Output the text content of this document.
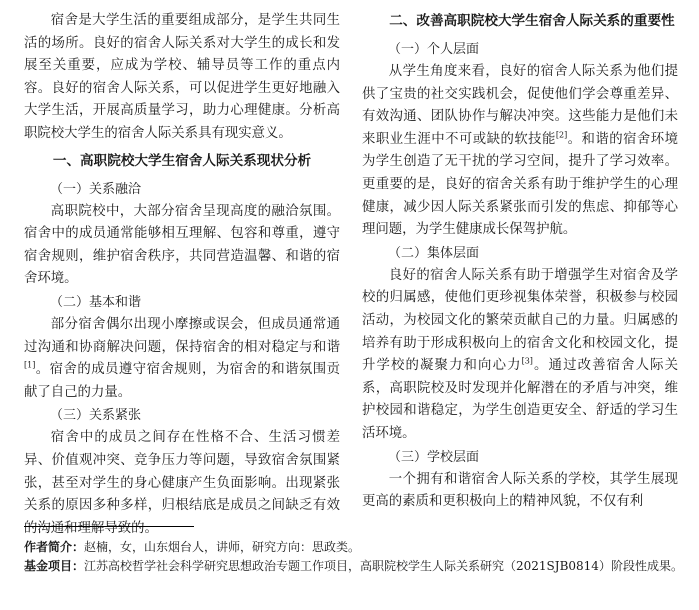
宿舍是大学生活的重要组成部分，是学生共同生活的场所。良好的宿舍人际关系对大学生的成长和发展至关重要，应成为学校、辅导员等工作的重点内容。良好的宿舍人际关系，可以促进学生更好地融入大学生活，开展高质量学习，助力心理健康。分析高职院校大学生的宿舍人际关系具有现实意义。

一、高职院校大学生宿舍人际关系现状分析
（一）关系融洽

高职院校中，大部分宿舍呈现高度的融洽氛围。宿舍中的成员通常能够相互理解、包容和尊重，遵守宿舍规则，维护宿舍秩序，共同营造温馨、和谐的宿舍环境。

（二）基本和谐

部分宿舍偶尔出现小摩擦或误会，但成员通常通过沟通和协商解决问题，保持宿舍的相对稳定与和谐[1]。宿舍的成员遵守宿舍规则，为宿舍的和谐氛围贡献了自己的力量。

（三）关系紧张

宿舍中的成员之间存在性格不合、生活习惯差异、价值观冲突、竞争压力等问题，导致宿舍氛围紧张，甚至对学生的身心健康产生负面影响。出现紧张关系的原因多种多样，归根结底是成员之间缺乏有效的沟通和理解导致的。

二、改善高职院校大学生宿舍人际关系的重要性
（一）个人层面

从学生角度来看，良好的宿舍人际关系为他们提供了宝贵的社交实践机会，促使他们学会尊重差异、有效沟通、团队协作与解决冲突。这些能力是他们未来职业生涯中不可或缺的软技能[2]。和谐的宿舍环境为学生创造了无干扰的学习空间，提升了学习效率。更重要的是，良好的宿舍关系有助于维护学生的心理健康，减少因人际关系紧张而引发的焦虑、抑郁等心理问题，为学生健康成长保驾护航。

（二）集体层面

良好的宿舍人际关系有助于增强学生对宿舍及学校的归属感，使他们更珍视集体荣誉，积极参与校园活动，为校园文化的繁荣贡献自己的力量。归属感的培养有助于形成积极向上的宿舍文化和校园文化，提升学校的凝聚力和向心力[3]。通过改善宿舍人际关系，高职院校及时发现并化解潜在的矛盾与冲突，维护校园和谐稳定，为学生创造更安全、舒适的学习生活环境。

（三）学校层面

一个拥有和谐宿舍人际关系的学校，其学生展现更高的素质和更积极向上的精神风貌，不仅有利

作者简介：赵楠，女，山东烟台人，讲师，研究方向：思政类。

基金项目：江苏高校哲学社会科学研究思想政治专题工作项目，高职院校学生人际关系研究（2021SJB0814）阶段性成果。
